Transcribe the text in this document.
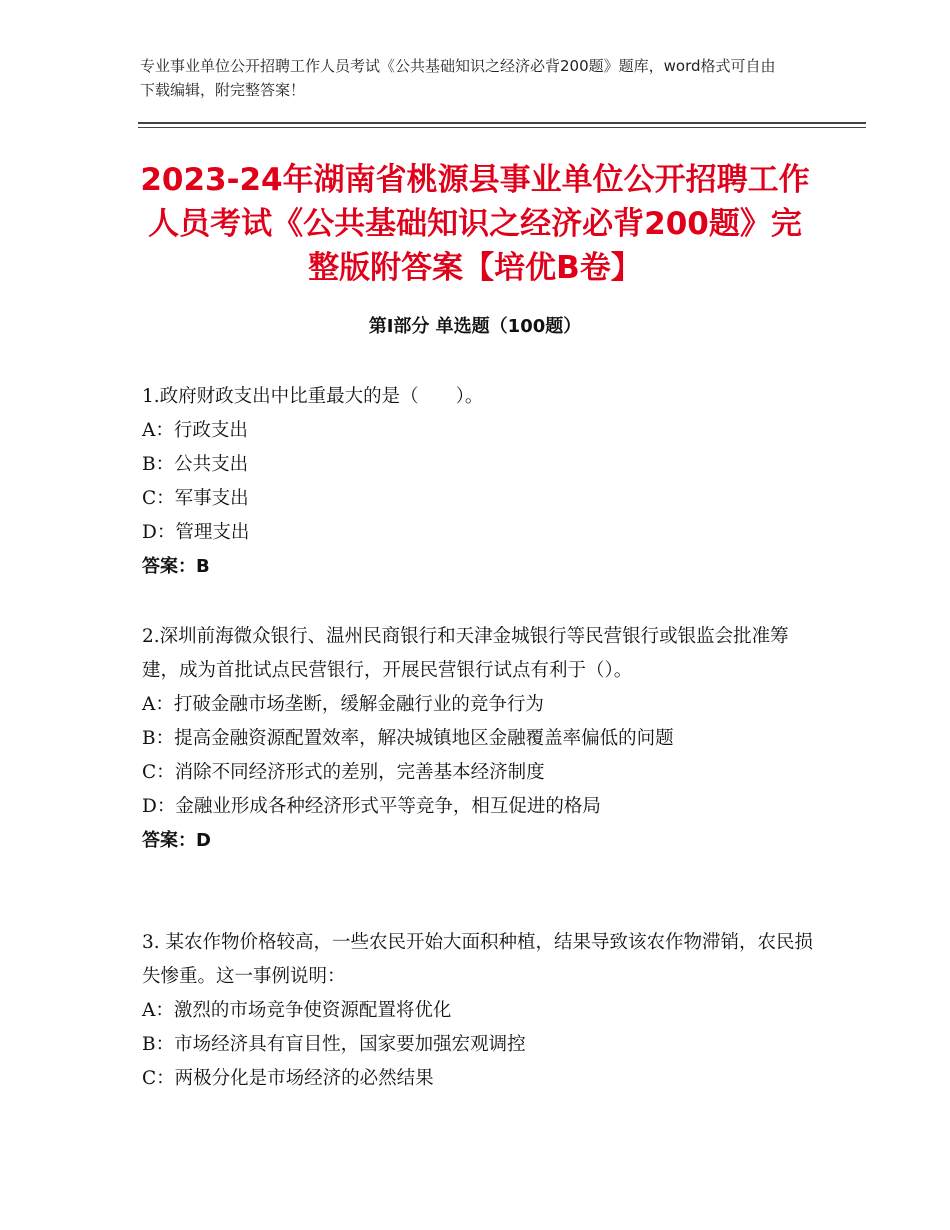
专业事业单位公开招聘工作人员考试《公共基础知识之经济必背200题》题库，word格式可自由下载编辑，附完整答案！
2023-24年湖南省桃源县事业单位公开招聘工作人员考试《公共基础知识之经济必背200题》完整版附答案【培优B卷】
第Ⅰ部分 单选题（100题）

1.政府财政支出中比重最大的是（　　）。

A：行政支出

B：公共支出

C：军事支出

D：管理支出

答案：B

2.深圳前海微众银行、温州民商银行和天津金城银行等民营银行或银监会批准筹建，成为首批试点民营银行，开展民营银行试点有利于（）。

A：打破金融市场垄断，缓解金融行业的竞争行为

B：提高金融资源配置效率，解决城镇地区金融覆盖率偏低的问题

C：消除不同经济形式的差别，完善基本经济制度

D：金融业形成各种经济形式平等竞争，相互促进的格局

答案：D

3. 某农作物价格较高，一些农民开始大面积种植，结果导致该农作物滞销，农民损失惨重。这一事例说明：

A：激烈的市场竞争使资源配置将优化

B：市场经济具有盲目性，国家要加强宏观调控

C：两极分化是市场经济的必然结果
